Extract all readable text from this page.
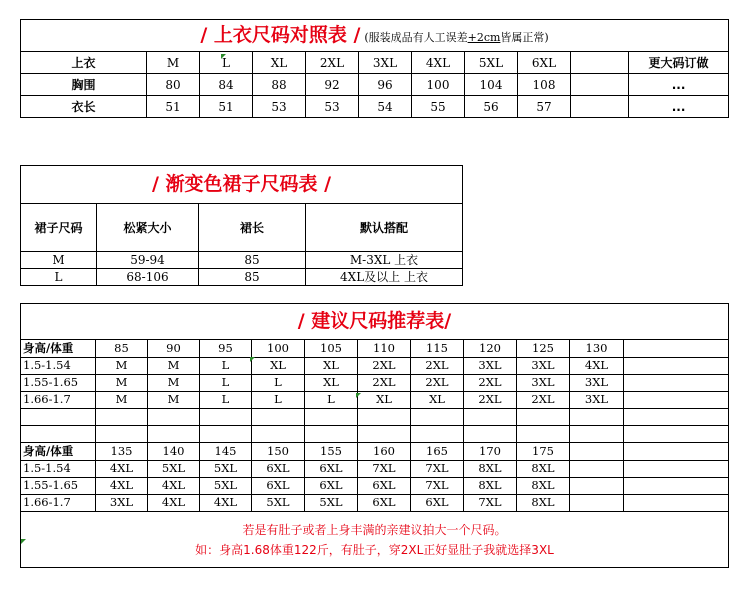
/ 上衣尺码对照表 / (服装成品有人工误差+2cm皆属正常)										
上衣	M	L	XL	2XL	3XL	4XL	5XL	6XL		更大码订做
胸围	80	84	88	92	96	100	104	108		...
衣长	51	51	53	53	54	55	56	57		...
/ 渐变色裙子尺码表 /			
裙子尺码	松紧大小	裙长	默认搭配
M	59-94	85	M-3XL 上衣
L	68-106	85	4XL及以上 上衣
/ 建议尺码推荐表/											
身高/体重	85	90	95	100	105	110	115	120	125	130	
1.5-1.54	M	M	L	XL	XL	2XL	2XL	3XL	3XL	4XL	
1.55-1.65	M	M	L	L	XL	2XL	2XL	2XL	3XL	3XL	
1.66-1.7	M	M	L	L	L	XL	XL	2XL	2XL	3XL	

身高/体重	135	140	145	150	155	160	165	170	175		
1.5-1.54	4XL	5XL	5XL	6XL	6XL	7XL	7XL	8XL	8XL		
1.55-1.65	4XL	4XL	5XL	6XL	6XL	6XL	7XL	8XL	8XL		
1.66-1.7	3XL	4XL	4XL	5XL	5XL	6XL	6XL	7XL	8XL		

若是有肚子或者上身丰满的亲建议拍大一个尺码。
如：身高1.68体重122斤，有肚子，穿2XL正好显肚子我就选择3XL											
